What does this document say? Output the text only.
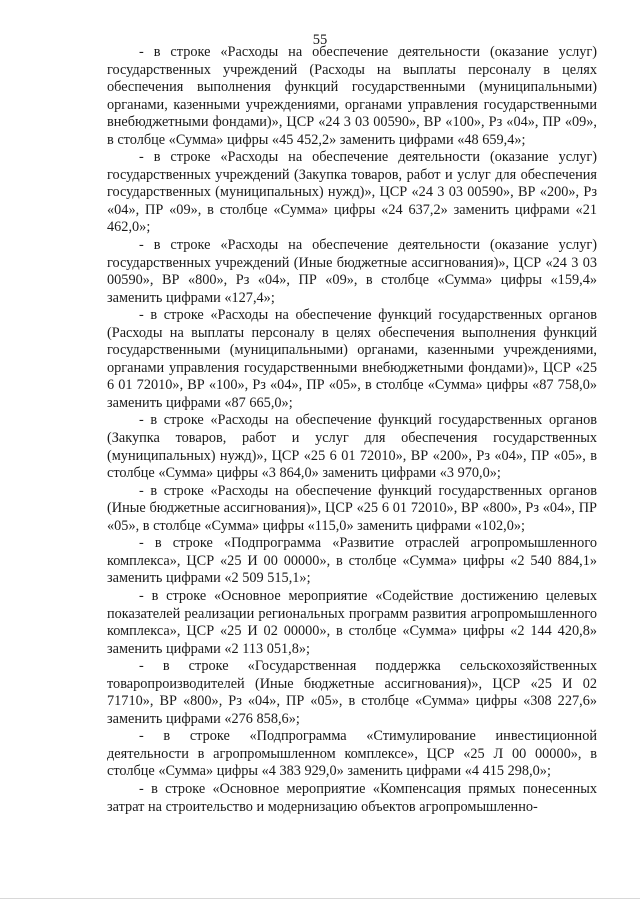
55

- в строке «Расходы на обеспечение деятельности (оказание услуг) государственных учреждений (Расходы на выплаты персоналу в целях обеспечения выполнения функций государственными (муниципальными) органами, казенными учреждениями, органами управления государственными внебюджетными фондами)», ЦСР «24 3 03 00590», ВР «100», Рз «04», ПР «09», в столбце «Сумма» цифры «45 452,2» заменить цифрами «48 659,4»;

- в строке «Расходы на обеспечение деятельности (оказание услуг) государственных учреждений (Закупка товаров, работ и услуг для обеспечения государственных (муниципальных) нужд)», ЦСР «24 3 03 00590», ВР «200», Рз «04», ПР «09», в столбце «Сумма» цифры «24 637,2» заменить цифрами «21 462,0»;

- в строке «Расходы на обеспечение деятельности (оказание услуг) государственных учреждений (Иные бюджетные ассигнования)», ЦСР «24 3 03 00590», ВР «800», Рз «04», ПР «09», в столбце «Сумма» цифры «159,4» заменить цифрами «127,4»;

- в строке «Расходы на обеспечение функций государственных органов (Расходы на выплаты персоналу в целях обеспечения выполнения функций государственными (муниципальными) органами, казенными учреждениями, органами управления государственными внебюджетными фондами)», ЦСР «25 6 01 72010», ВР «100», Рз «04», ПР «05», в столбце «Сумма» цифры «87 758,0» заменить цифрами «87 665,0»;

- в строке «Расходы на обеспечение функций государственных органов (Закупка товаров, работ и услуг для обеспечения государственных (муниципальных) нужд)», ЦСР «25 6 01 72010», ВР «200», Рз «04», ПР «05», в столбце «Сумма» цифры «3 864,0» заменить цифрами «3 970,0»;

- в строке «Расходы на обеспечение функций государственных органов (Иные бюджетные ассигнования)», ЦСР «25 6 01 72010», ВР «800», Рз «04», ПР «05», в столбце «Сумма» цифры «115,0» заменить цифрами «102,0»;

- в строке «Подпрограмма «Развитие отраслей агропромышленного комплекса», ЦСР «25 И 00 00000», в столбце «Сумма» цифры «2 540 884,1» заменить цифрами «2 509 515,1»;

- в строке «Основное мероприятие «Содействие достижению целевых показателей реализации региональных программ развития агропромышленного комплекса», ЦСР «25 И 02 00000», в столбце «Сумма» цифры «2 144 420,8» заменить цифрами «2 113 051,8»;

- в строке «Государственная поддержка сельскохозяйственных товаропроизводителей (Иные бюджетные ассигнования)», ЦСР «25 И 02 71710», ВР «800», Рз «04», ПР «05», в столбце «Сумма» цифры «308 227,6» заменить цифрами «276 858,6»;

- в строке «Подпрограмма «Стимулирование инвестиционной деятельности в агропромышленном комплексе», ЦСР «25 Л 00 00000», в столбце «Сумма» цифры «4 383 929,0» заменить цифрами «4 415 298,0»;

- в строке «Основное мероприятие «Компенсация прямых понесенных затрат на строительство и модернизацию объектов агропромышленно-
